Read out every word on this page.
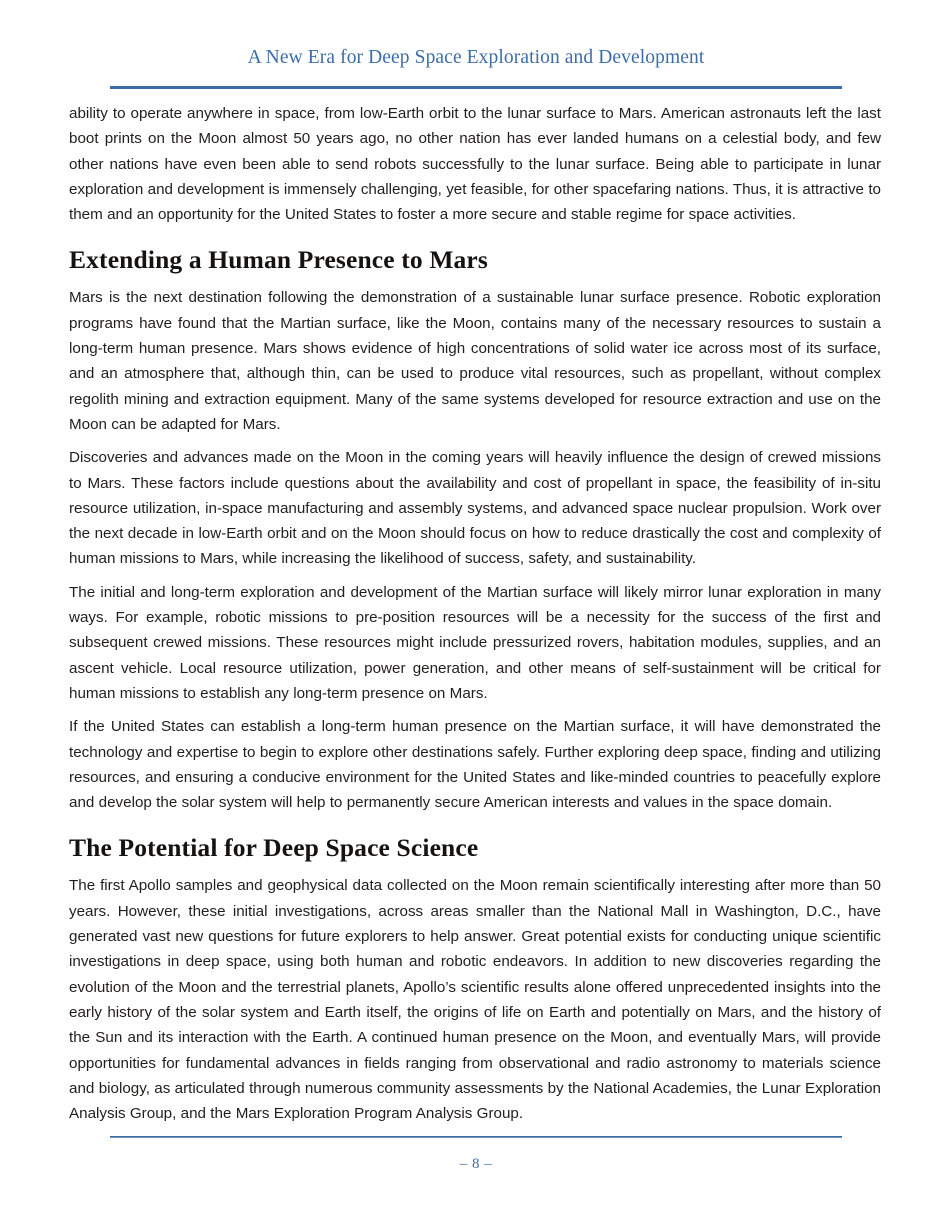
A New Era for Deep Space Exploration and Development

ability to operate anywhere in space, from low-Earth orbit to the lunar surface to Mars. American astronauts left the last boot prints on the Moon almost 50 years ago, no other nation has ever landed humans on a celestial body, and few other nations have even been able to send robots successfully to the lunar surface. Being able to participate in lunar exploration and development is immensely challenging, yet feasible, for other spacefaring nations. Thus, it is attractive to them and an opportunity for the United States to foster a more secure and stable regime for space activities.

Extending a Human Presence to Mars

Mars is the next destination following the demonstration of a sustainable lunar surface presence. Robotic exploration programs have found that the Martian surface, like the Moon, contains many of the necessary resources to sustain a long-term human presence. Mars shows evidence of high concentrations of solid water ice across most of its surface, and an atmosphere that, although thin, can be used to produce vital resources, such as propellant, without complex regolith mining and extraction equipment. Many of the same systems developed for resource extraction and use on the Moon can be adapted for Mars.

Discoveries and advances made on the Moon in the coming years will heavily influence the design of crewed missions to Mars. These factors include questions about the availability and cost of propellant in space, the feasibility of in-situ resource utilization, in-space manufacturing and assembly systems, and advanced space nuclear propulsion. Work over the next decade in low-Earth orbit and on the Moon should focus on how to reduce drastically the cost and complexity of human missions to Mars, while increasing the likelihood of success, safety, and sustainability.

The initial and long-term exploration and development of the Martian surface will likely mirror lunar exploration in many ways. For example, robotic missions to pre-position resources will be a necessity for the success of the first and subsequent crewed missions. These resources might include pressurized rovers, habitation modules, supplies, and an ascent vehicle. Local resource utilization, power generation, and other means of self-sustainment will be critical for human missions to establish any long-term presence on Mars.

If the United States can establish a long-term human presence on the Martian surface, it will have demonstrated the technology and expertise to begin to explore other destinations safely. Further exploring deep space, finding and utilizing resources, and ensuring a conducive environment for the United States and like-minded countries to peacefully explore and develop the solar system will help to permanently secure American interests and values in the space domain.

The Potential for Deep Space Science

The first Apollo samples and geophysical data collected on the Moon remain scientifically interesting after more than 50 years. However, these initial investigations, across areas smaller than the National Mall in Washington, D.C., have generated vast new questions for future explorers to help answer. Great potential exists for conducting unique scientific investigations in deep space, using both human and robotic endeavors. In addition to new discoveries regarding the evolution of the Moon and the terrestrial planets, Apollo’s scientific results alone offered unprecedented insights into the early history of the solar system and Earth itself, the origins of life on Earth and potentially on Mars, and the history of the Sun and its interaction with the Earth. A continued human presence on the Moon, and eventually Mars, will provide opportunities for fundamental advances in fields ranging from observational and radio astronomy to materials science and biology, as articulated through numerous community assessments by the National Academies, the Lunar Exploration Analysis Group, and the Mars Exploration Program Analysis Group.

– 8 –
